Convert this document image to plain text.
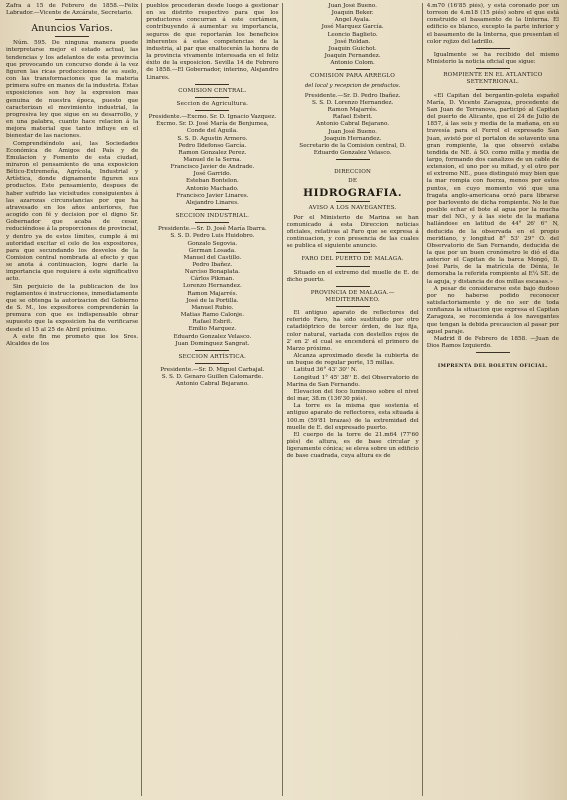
Zafra á 15 de Febrero de 1858.—Félix Labrador.—Vicente de Azcárate, Secretario.

Anuncios Varios.

Núm. 595. De ninguna manera puede interpretarse mejor el estado actual, las tendencias y los adelantos de esta provincia que provocando un concurso donde á la vez figuren las ricas producciones de su suelo, con las transformaciones que la materia primera sufre en manos de la industria. Estas exposiciones son hoy la expresion mas genuina de nuestra época, puesto que caracterizan el movimiento industrial, la progresiva ley que sigue en su desarrollo, y en una palabra, cuanto hace relacion á la mejora material que tanto influye en el bienestar de las naciones.

Comprendiéndolo así, las Sociedades Económica de Amigos del País y de Emulacion y Fomento de esta ciudad, miraron el pensamiento de una exposicion Bético-Extremeña, Agrícola, Industrial y Artística, donde dignamente figuren sus productos. Este pensamiento, despues de haber sufrido las vicisitudes consiguientes á las azarozas circunstancias por que ha atravesado en los años anteriores, fue acogido con fé y decision por el digno Sr. Gobernador que acaba de cesar, reduciéndose á la proporciones de provincial, y dentro ya de estos límites, cumple á mi autoridad excitar el celo de los expositores, para que secundando los desvelos de la Comision central nombrada al efecto y que se anota á continuacion, logre darle la importancia que requiere á este significativo acto.

Sin perjuicio de la publicacion de los reglamentos é instrucciones, inmediatamente que se obtenga la autorizacion del Gobierno de S. M., los expositores comprenderán la premura con que es indispensable obrar supuesto que la exposicion ha de verificarse desde el 15 al 25 de Abril próximo.

A este fin me prometo que los Sres. Alcaldes de los

pueblos procederán desde luego á gestionar en su distrito respectivo para que los productores concurran á este certámen, contribuyendo á aumentar su importancia, seguros de que reportarán los beneficios inherentes á estas competencias de la industria, al par que enaltecerán la honra de la provincia vivamente interesada en el feliz éxito de la exposicion. Sevilla 14 de Febrero de 1858.—El Gobernador, interino, Alejandro Linares.

COMISION CENTRAL.
Seccion de Agricultura.
Presidente.—Excmo. Sr. D. Ignacio Vazquez.
Excmo. Sr. D. José María de Benjumea, Conde del Aguila.
S. S. D. Agustin Armero.
Pedro Ildefonso García.
Ramon Gonzalez Perez.
Manuel de la Serna.
Francisco Javier de Andrade.
José Garrido.
Esteban Bontelon.
Antonio Machado.
Francisco Javier Linares.
Alejandro Linares.
SECCION INDUSTRIAL.
Presidente.—Sr. D. José María Ibarra.
S. S. D. Pedro Luis Huidobro.
Gonzalo Segovia.
German Losada.
Manuel del Castillo.
Pedro Ibañez.
Narciso Bonaplata.
Cárlos Pikman.
Lorenzo Hernandez.
Ramon Majarrés.
José de la Portilla.
Manuel Rubio.
Matias Ramo Calonje.
Rafael Esbrit.
Emilio Marquez.
Eduardo Gonzalez Velasco.
Juan Dominguez Sangrat.
SECCION ARTÍSTICA.
Presidente.—Sr. D. Miguel Carbajal.
S. S. D. Genaro Guillen Calomarde.
Antonio Cabral Bejarano.
Juan José Bueno.
Joaquin Beker.
Angel Ayala.
José Marquez García.
Leoncio Baglieto.
José Roldan.
Joaquin Guichot.
Joaquin Fernandez.
Antonio Colom.
COMISION PARA ARREGLO
del local y recepcion de productos.
Presidente.—Sr. D. Pedro Ibañez.
S. S. D. Lorenzo Hernandez.
Ramon Majarrés.
Rafael Esbrit.
Antonio Cabral Bejarano.
Juan José Bueno.
Joaquin Hernandez.
Secretario de la Comision central, D. Eduardo Gonzalez Velasco.
DIRECCION
DE
HIDROGRAFIA.
AVISO A LOS NAVEGANTES.

Por el Ministerio de Marina se han comunicado á esta Direccion noticias oficiales, relativas al Faro que se expresa á continuacion, y con presencia de las cuales se publica el siguiente anuncio.

FARO DEL PUERTO DE MALAGA.

Situado en el extremo del muelle de E. de dicho puerto.

PROVINCIA DE MALAGA.—MEDITERRANEO.

El antiguo aparato de reflectores del referido Faro, ha sido sustituido por otro catadióptrico de tercer órden, de luz fija, color natural, variada con destellos rojos de 2' en 2' el cual se encenderá el primero de Marzo próximo.

Alcanza aproximado desde la cubierta de un buque de regular porte, 15 millas.

Latitud 36° 43' 30'' N.

Longitud 1° 45' 38'' E. del Observatorio de Marina de San Fernando.

Elevacion del foco luminoso sobre el nivel del mar, 38.m (136'30 piés).

La torre es la misma que sostenia el antiguo aparato de reflectores, esta situada á 100.m (59'81 brazas) de la extremidad del muelle de E. del expresado puerto.

El cuerpo de la torre de 21.m64 (77'60 piés) de altura, es de base circular y ligeramente cónica; se eleva sobre un edificio de base cuadrada, cuya altura es de

4.m70 (16'85 piés), y está coronado por un torreon de 4.m18 (15 piés) sobre el que está construido el basamento de la linterna. El edificio es blanco, excepto la parte inferior y el basamento de la linterna, que presentan el color rojizo del ladrillo.

Igualmente se ha recibido del mismo Ministerio la noticia oficial que sigue:

ROMPIENTE EN EL ATLANTICO SETENTRIONAL.

«El Capitan del bergantin-goleta español María, D. Vicente Zaragoza, procedente de San Juan de Terranova, participó al Capitan del puerto de Alicante, que el 24 de Julio de 1857, á las seis y media de la mañana, en su travesía para el Ferrol el expresado San Juan, avistó por el portalon de sotavento una gran rompiente, la que observó estaba tendida de NE. á SO. como milla y media de largo, formando dos canalizos de un cable de extension, el uno por su mitad, y el otro por el extremo NE., pues distinguió muy bien que la mar rompia con fuerza, menos por estos puntos, en cuyo momento vió que una fragata anglo-americana orzó para librarse por barlovento de dicha rompiente. No le fue posible echar el bote al agua por la mucha mar del NO., y á las siete de la mañana hallándose en latitud de 44° 26' 6'' N, deducida de la observada en el propio meridiano, y longitud 8° 53' 29'' O. del Observatorio de San Fernando, deducida de la que por un buen cronómetro le dió el dia anterior el Capitan de la barca Mongó, D. José Paris, de la matrícula de Dénia, le demoraba la referida rompiente al E¼ SE. de la aguja, y distancia de dos millas escasas.»

A pesar de considerarse este bajo dudoso por no haberse podido reconocer satisfactoriamente y de no ser de toda confianza la situacion que expresa el Capitan Zaragoza, se recomienda á los navegantes que tengan la debida precaucion al pasar por aquel paraje.

Madrid 8 de Febrero de 1858. —Juan de Dios Ramos Izquierdo.

IMPRENTA DEL BOLETIN OFICIAL.
